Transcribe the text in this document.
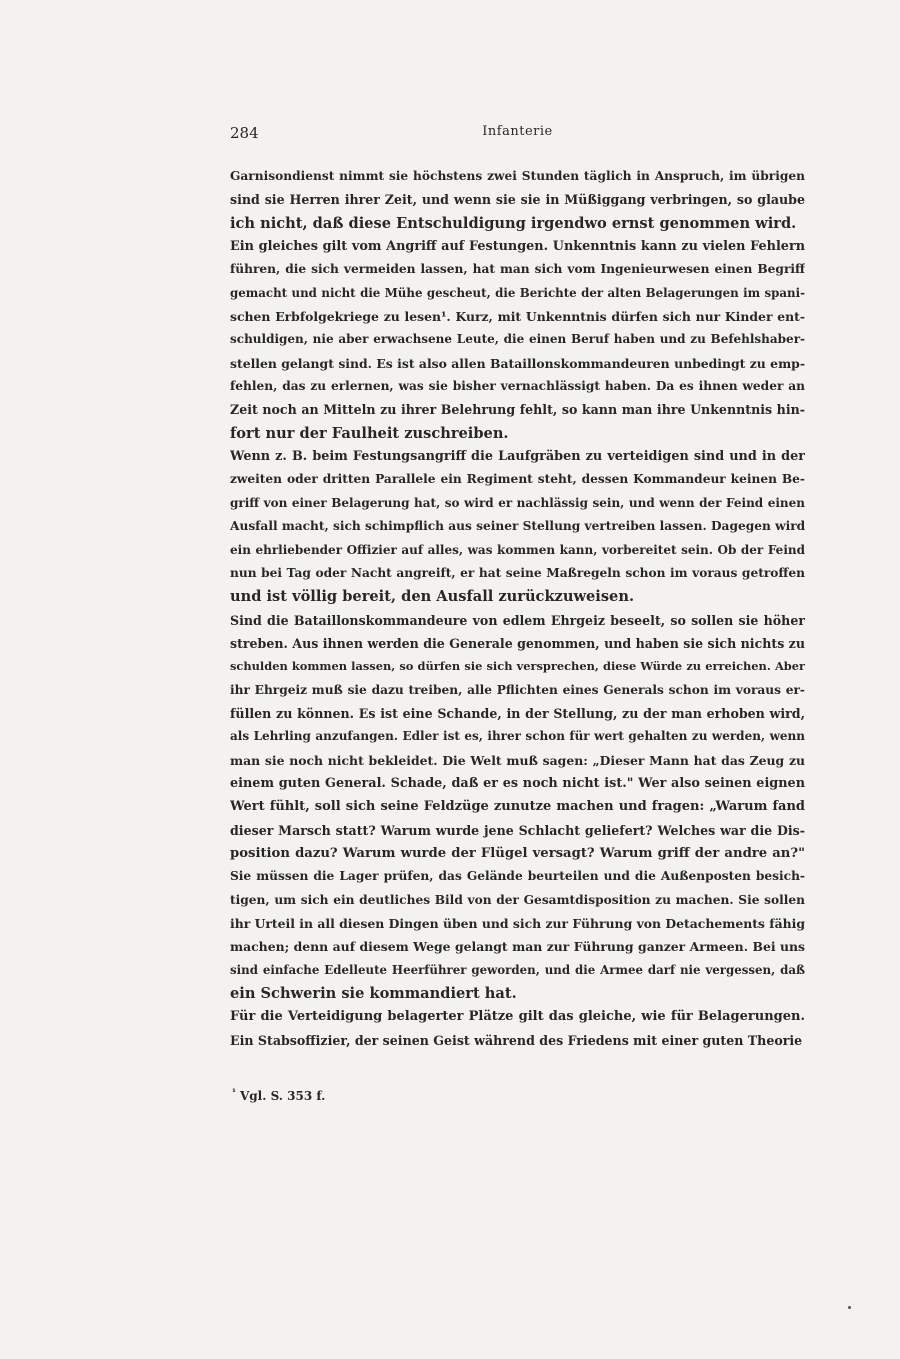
284	Infanterie
Garnisondienst nimmt sie höchstens zwei Stunden täglich in Anspruch, im übrigen
sind sie Herren ihrer Zeit, und wenn sie sie in Müßiggang verbringen, so glaube
ich nicht, daß diese Entschuldigung irgendwo ernst genommen wird.
Ein gleiches gilt vom Angriff auf Festungen. Unkenntnis kann zu vielen Fehlern
führen, die sich vermeiden lassen, hat man sich vom Ingenieurwesen einen Begriff
gemacht und nicht die Mühe gescheut, die Berichte der alten Belagerungen im spani-
schen Erbfolgekriege zu lesen¹. Kurz, mit Unkenntnis dürfen sich nur Kinder ent-
schuldigen, nie aber erwachsene Leute, die einen Beruf haben und zu Befehlshaber-
stellen gelangt sind. Es ist also allen Bataillonskommandeuren unbedingt zu emp-
fehlen, das zu erlernen, was sie bisher vernachlässigt haben. Da es ihnen weder an
Zeit noch an Mitteln zu ihrer Belehrung fehlt, so kann man ihre Unkenntnis hin-
fort nur der Faulheit zuschreiben.
Wenn z. B. beim Festungsangriff die Laufgräben zu verteidigen sind und in der
zweiten oder dritten Parallele ein Regiment steht, dessen Kommandeur keinen Be-
griff von einer Belagerung hat, so wird er nachlässig sein, und wenn der Feind einen
Ausfall macht, sich schimpflich aus seiner Stellung vertreiben lassen. Dagegen wird
ein ehrliebender Offizier auf alles, was kommen kann, vorbereitet sein. Ob der Feind
nun bei Tag oder Nacht angreift, er hat seine Maßregeln schon im voraus getroffen
und ist völlig bereit, den Ausfall zurückzuweisen.
Sind die Bataillonskommandeure von edlem Ehrgeiz beseelt, so sollen sie höher
streben. Aus ihnen werden die Generale genommen, und haben sie sich nichts zu
schulden kommen lassen, so dürfen sie sich versprechen, diese Würde zu erreichen. Aber
ihr Ehrgeiz muß sie dazu treiben, alle Pflichten eines Generals schon im voraus er-
füllen zu können. Es ist eine Schande, in der Stellung, zu der man erhoben wird,
als Lehrling anzufangen. Edler ist es, ihrer schon für wert gehalten zu werden, wenn
man sie noch nicht bekleidet. Die Welt muß sagen: „Dieser Mann hat das Zeug zu
einem guten General. Schade, daß er es noch nicht ist." Wer also seinen eignen
Wert fühlt, soll sich seine Feldzüge zunutze machen und fragen: „Warum fand
dieser Marsch statt? Warum wurde jene Schlacht geliefert? Welches war die Dis-
position dazu? Warum wurde der Flügel versagt? Warum griff der andre an?"
Sie müssen die Lager prüfen, das Gelände beurteilen und die Außenposten besich-
tigen, um sich ein deutliches Bild von der Gesamtdisposition zu machen. Sie sollen
ihr Urteil in all diesen Dingen üben und sich zur Führung von Detachements fähig
machen; denn auf diesem Wege gelangt man zur Führung ganzer Armeen. Bei uns
sind einfache Edelleute Heerführer geworden, und die Armee darf nie vergessen, daß
ein Schwerin sie kommandiert hat.
Für die Verteidigung belagerter Plätze gilt das gleiche, wie für Belagerungen.
Ein Stabsoffizier, der seinen Geist während des Friedens mit einer guten Theorie
$^{^1}$ Vgl. S. 353 f.
